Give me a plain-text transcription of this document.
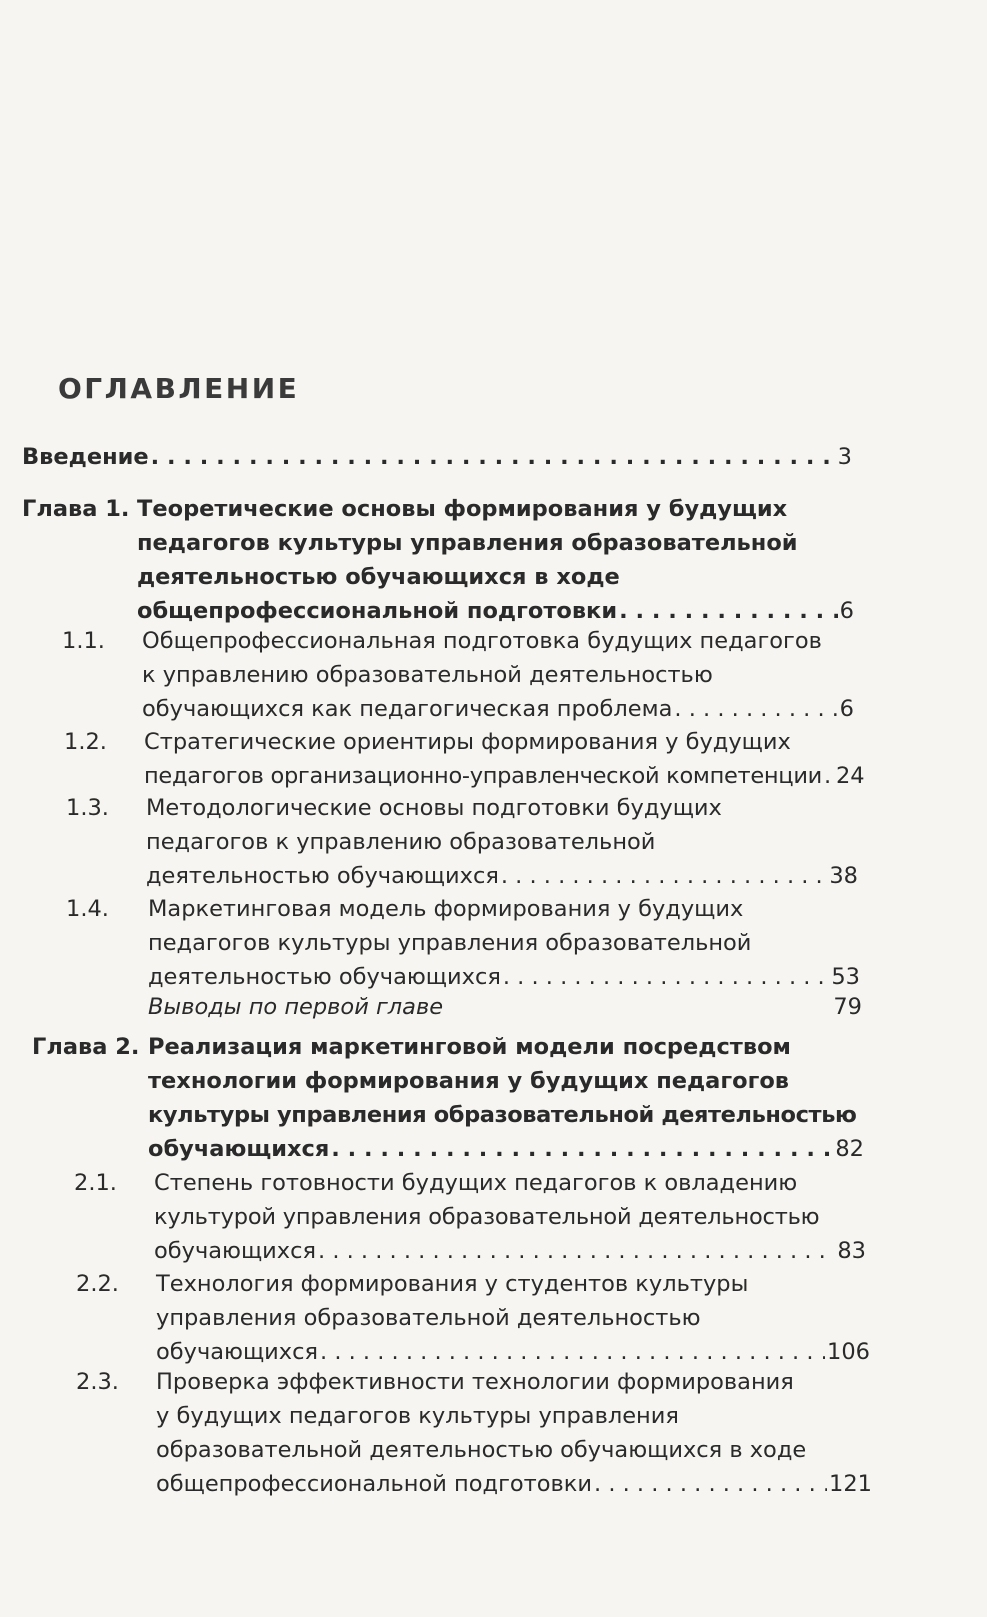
ОГЛАВЛЕНИЕ
Введение . . .	3
Глава 1. Теоретические основы формирования у будущих
педагогов культуры управления образовательной
деятельностью обучающихся в ходе
общепрофессиональной подготовки . . .	6
1.1. Общепрофессиональная подготовка будущих педагогов
к управлению образовательной деятельностью
обучающихся как педагогическая проблема . . .	6
1.2. Стратегические ориентиры формирования у будущих
педагогов организационно-управленческой компетенции . . . 24
1.3. Методологические основы подготовки будущих
педагогов к управлению образовательной
деятельностью обучающихся . . .	38
1.4. Маркетинговая модель формирования у будущих
педагогов культуры управления образовательной
деятельностью обучающихся . . .	53
Выводы по первой главе	79
Глава 2. Реализация маркетинговой модели посредством
технологии формирования у будущих педагогов
культуры управления образовательной деятельностью
обучающихся . . .	82
2.1. Степень готовности будущих педагогов к овладению
культурой управления образовательной деятельностью
обучающихся . . .	83
2.2. Технология формирования у студентов культуры
управления образовательной деятельностью
обучающихся . . .	106
2.3. Проверка эффективности технологии формирования
у будущих педагогов культуры управления
образовательной деятельностью обучающихся в ходе
общепрофессиональной подготовки . . .	121
